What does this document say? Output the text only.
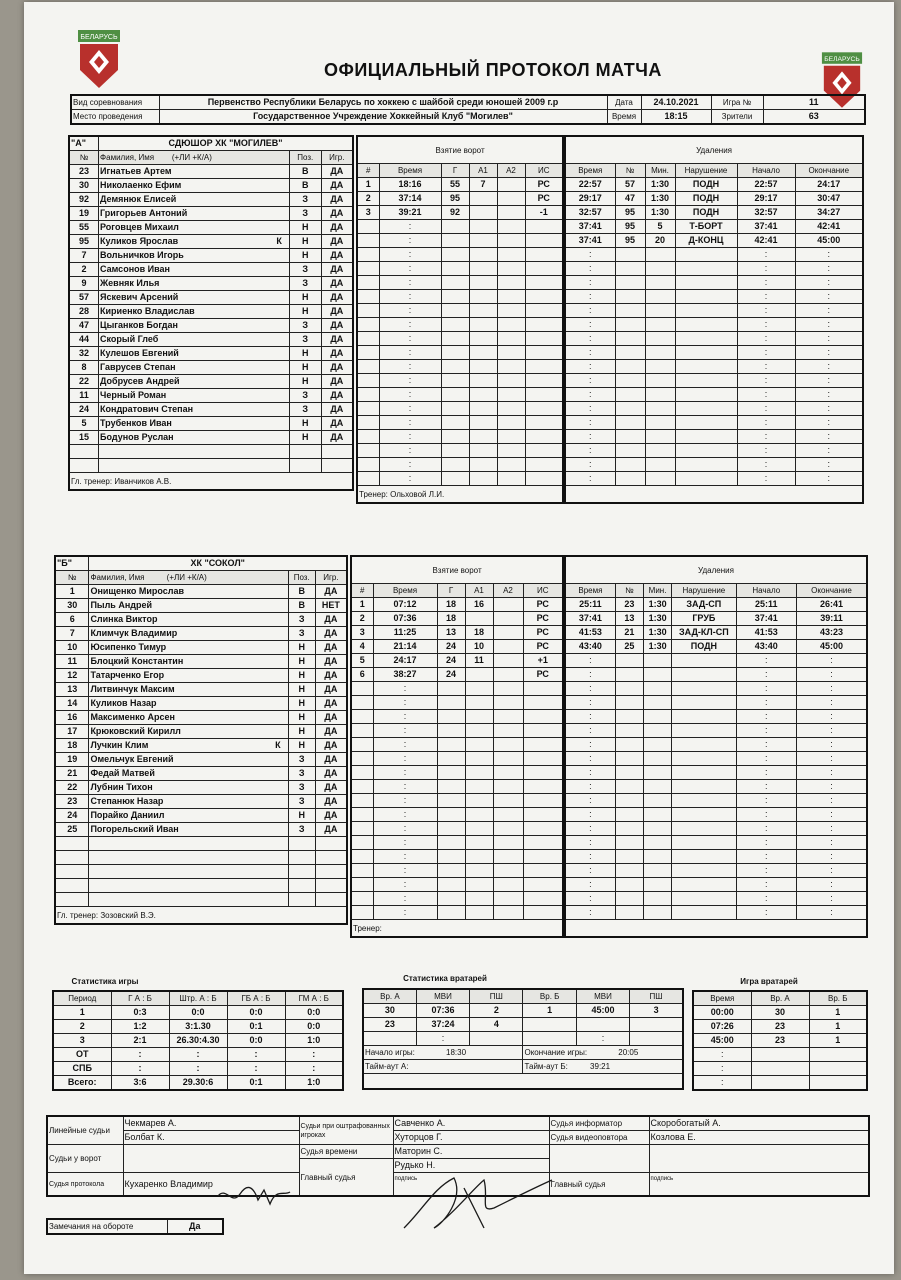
БЕЛАРУСЬ
БЕЛАРУСЬ
ОФИЦИАЛЬНЫЙ ПРОТОКОЛ МАТЧА
Вид соревнования	Первенство Республики Беларусь по хоккею с шайбой среди юношей 2009 г.р	Дата	24.10.2021	Игра №	11
Место проведения	Государственное Учреждение Хоккейный Клуб "Могилев"	Время	18:15	Зрители	63
"А"	СДЮШОР ХК "МОГИЛЕВ"		
№	Фамилия, Имя (+ЛИ +К/А)	Поз.	Игр.
23	Игнатьев Артем	В	ДА
30	Николаенко Ефим	В	ДА
92	Демянюк Елисей	З	ДА
19	Григорьев Антоний	З	ДА
55	Роговцев Михаил	Н	ДА
95	Куликов Ярослав К	Н	ДА
7	Вольничков Игорь	Н	ДА
2	Самсонов Иван	З	ДА
9	Жевняк Илья	З	ДА
57	Яскевич Арсений	Н	ДА
28	Кириенко Владислав	Н	ДА
47	Цыганков Богдан	З	ДА
44	Скорый Глеб	З	ДА
32	Кулешов Евгений	Н	ДА
8	Гаврусев Степан	Н	ДА
22	Добрусев Андрей	Н	ДА
11	Черный Роман	З	ДА
24	Кондратович Степан	З	ДА
5	Трубенков Иван	Н	ДА
15	Бодунов Руслан	Н	ДА

Гл. тренер: Иванчиков А.В.			
Взятие ворот					
#	Время	Г	А1	А2	ИС
1	18:16	55	7		РС
2	37:14	95			РС
3	39:21	92			-1
	:				
	:				
	:				
	:				
	:				
	:				
	:				
	:				
	:				
	:				
	:				
	:				
	:				
	:				
	:				
	:				
	:				
	:				
	:				
Тренер: Ольховой Л.И.					
Удаления					
Время	№	Мин.	Нарушение	Начало	Окончание
22:57	57	1:30	ПОДН	22:57	24:17
29:17	47	1:30	ПОДН	29:17	30:47
32:57	95	1:30	ПОДН	32:57	34:27
37:41	95	5	Т-БОРТ	37:41	42:41
37:41	95	20	Д-КОНЦ	42:41	45:00
:				:	:
:				:	:
:				:	:
:				:	:
:				:	:
:				:	:
:				:	:
:				:	:
:				:	:
:				:	:
:				:	:
:				:	:
:				:	:
:				:	:
:				:	:
:				:	:
:				:	:

"Б"	ХК "СОКОЛ"		
№	Фамилия, Имя (+ЛИ +К/А)	Поз.	Игр.
1	Онищенко Мирослав	В	ДА
30	Пыль Андрей	В	НЕТ
6	Слинка Виктор	З	ДА
7	Климчук Владимир	З	ДА
10	Юсипенко Тимур	Н	ДА
11	Блоцкий Константин	Н	ДА
12	Татарченко Егор	Н	ДА
13	Литвинчук Максим	Н	ДА
14	Куликов Назар	Н	ДА
16	Максименко Арсен	Н	ДА
17	Крюковский Кирилл	Н	ДА
18	Лучкин Клим К	Н	ДА
19	Омельчук Евгений	З	ДА
21	Федай Матвей	З	ДА
22	Лубнин Тихон	З	ДА
23	Степанюк Назар	З	ДА
24	Порайко Даниил	Н	ДА
25	Погорельский Иван	З	ДА

Гл. тренер: Зозовский В.Э.			
Взятие ворот					
#	Время	Г	А1	А2	ИС
1	07:12	18	16		РС
2	07:36	18			РС
3	11:25	13	18		РС
4	21:14	24	10		РС
5	24:17	24	11		+1
6	38:27	24			РС
	:				
	:				
	:				
	:				
	:				
	:				
	:				
	:				
	:				
	:				
	:				
	:				
	:				
	:				
	:				
	:				
	:				
Тренер:					
Удаления					
Время	№	Мин.	Нарушение	Начало	Окончание
25:11	23	1:30	ЗАД-СП	25:11	26:41
37:41	13	1:30	ГРУБ	37:41	39:11
41:53	21	1:30	ЗАД-КЛ-СП	41:53	43:23
43:40	25	1:30	ПОДН	43:40	45:00
:				:	:
:				:	:
:				:	:
:				:	:
:				:	:
:				:	:
:				:	:
:				:	:
:				:	:
:				:	:
:				:	:
:				:	:
:				:	:
:				:	:
:				:	:
:				:	:
:				:	:
:				:	:
:				:	:

Статистика игры
Период	Г А : Б	Штр. А : Б	ГБ А : Б	ГМ А : Б
1	0:3	0:0	0:0	0:0
2	1:2	3:1.30	0:1	0:0
3	2:1	26.30:4.30	0:0	1:0
ОТ	:	:	:	:
СПБ	:	:	:	:
Всего:	3:6	29.30:6	0:1	1:0
Статистика вратарей
Вр. А	МВИ	ПШ	Вр. Б	МВИ	ПШ
30	07:36	2	1	45:00	3
23	37:24	4			
	:			:	
Начало игры: 18:30			Окончание игры: 20:05		
Тайм-аут А:			Тайм-аут Б: 39:21		

Игра вратарей
Время	Вр. А	Вр. Б
00:00	30	1
07:26	23	1
45:00	23	1
:		
:		
:		
Линейные судьи	Чекмарев А.	Судьи при оштрафованных игроках	Савченко А.	Судья информатор	Скоробогатый А.
	Болбат К.		Хуторцов Г.	Судья видеоповтора	Козлова Е.
Судьи у ворот		Судья времени	Маторин С.		
		Главный судья	Рудько Н.		
Судья протокола	Кухаренко Владимир		подпись	Главный судья	подпись
Замечания на обороте	Да
